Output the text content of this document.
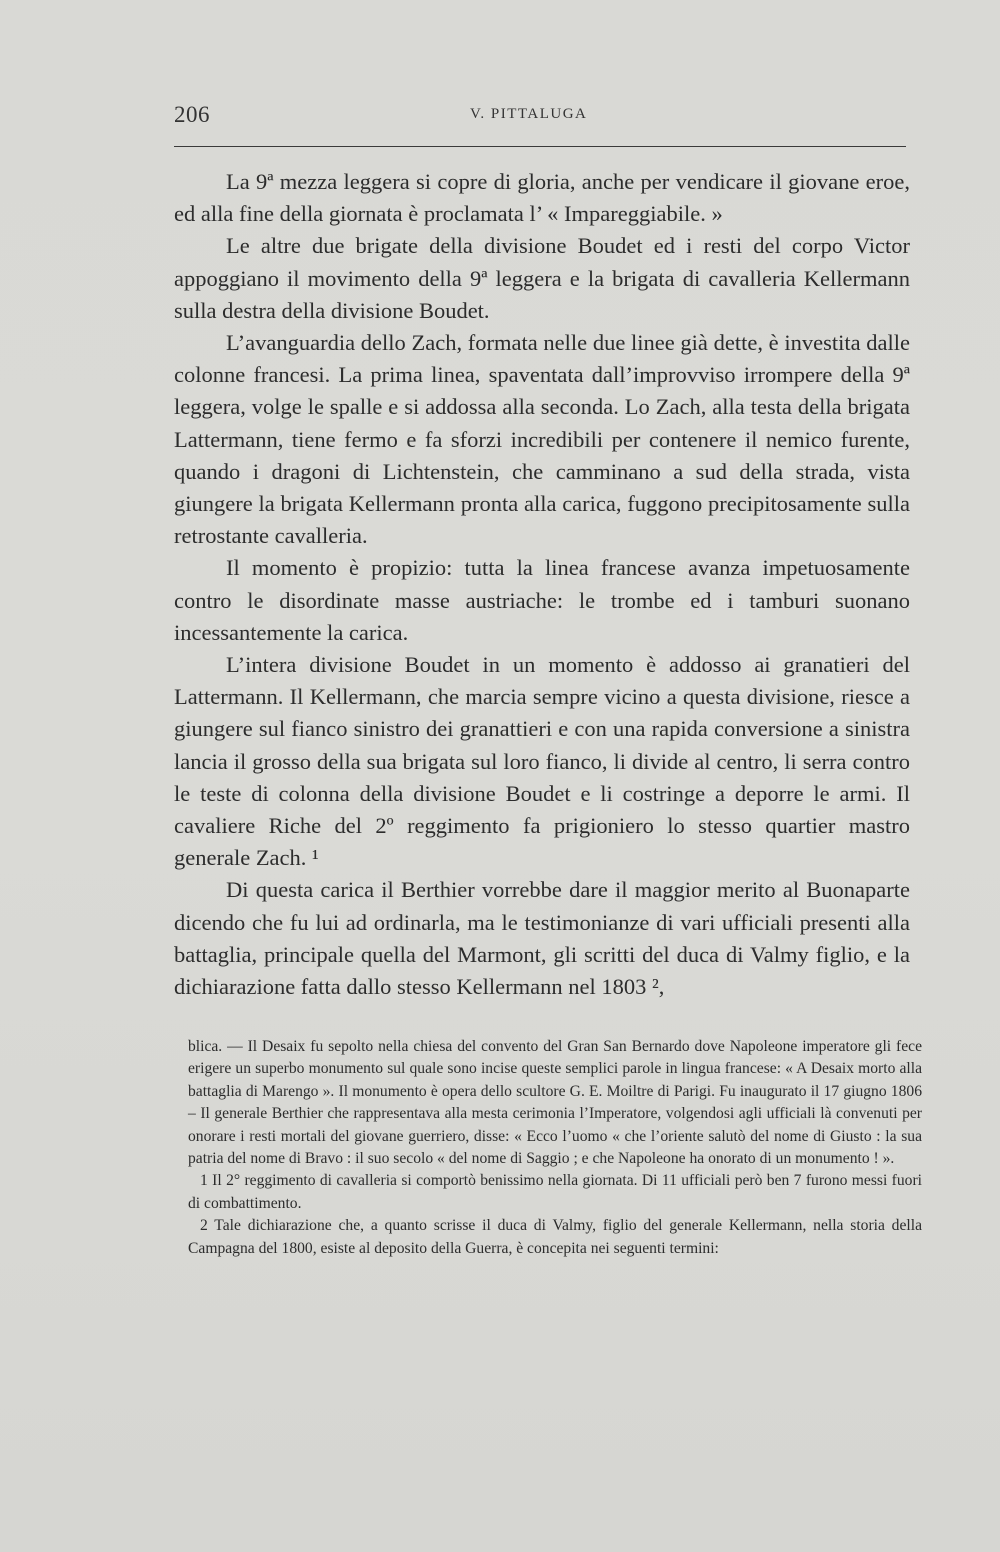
206	V. PITTALUGA

La 9ª mezza leggera si copre di gloria, anche per vendicare il giovane eroe, ed alla fine della giornata è proclamata l’ « Impareggiabile. »

Le altre due brigate della divisione Boudet ed i resti del corpo Victor appoggiano il movimento della 9ª leggera e la brigata di cavalleria Kellermann sulla destra della divisione Boudet.

L’avanguardia dello Zach, formata nelle due linee già dette, è investita dalle colonne francesi. La prima linea, spaventata dall’improvviso irrompere della 9ª leggera, volge le spalle e si addossa alla seconda. Lo Zach, alla testa della brigata Lattermann, tiene fermo e fa sforzi incredibili per contenere il nemico furente, quando i dragoni di Lichtenstein, che camminano a sud della strada, vista giungere la brigata Kellermann pronta alla carica, fuggono precipitosamente sulla retrostante cavalleria.

Il momento è propizio: tutta la linea francese avanza impetuosamente contro le disordinate masse austriache: le trombe ed i tamburi suonano incessantemente la carica.

L’intera divisione Boudet in un momento è addosso ai granatieri del Lattermann. Il Kellermann, che marcia sempre vicino a questa divisione, riesce a giungere sul fianco sinistro dei granattieri e con una rapida conversione a sinistra lancia il grosso della sua brigata sul loro fianco, li divide al centro, li serra contro le teste di colonna della divisione Boudet e li costringe a deporre le armi. Il cavaliere Riche del 2º reggimento fa prigioniero lo stesso quartier mastro generale Zach. ¹

Di questa carica il Berthier vorrebbe dare il maggior merito al Buonaparte dicendo che fu lui ad ordinarla, ma le testimonianze di vari ufficiali presenti alla battaglia, principale quella del Marmont, gli scritti del duca di Valmy figlio, e la dichiarazione fatta dallo stesso Kellermann nel 1803 ²,

blica. — Il Desaix fu sepolto nella chiesa del convento del Gran San Bernardo dove Napoleone imperatore gli fece erigere un superbo monumento sul quale sono incise queste semplici parole in lingua francese: « A Desaix morto alla battaglia di Marengo ». Il monumento è opera dello scultore G. E. Moiltre di Parigi. Fu inaugurato il 17 giugno 1806 – Il generale Berthier che rappresentava alla mesta cerimonia l’Imperatore, volgendosi agli ufficiali là convenuti per onorare i resti mortali del giovane guerriero, disse: « Ecco l’uomo « che l’oriente salutò del nome di Giusto : la sua patria del nome di Bravo : il suo secolo « del nome di Saggio ; e che Napoleone ha onorato di un monumento ! ».

1 Il 2° reggimento di cavalleria si comportò benissimo nella giornata. Di 11 ufficiali però ben 7 furono messi fuori di combattimento.

2 Tale dichiarazione che, a quanto scrisse il duca di Valmy, figlio del generale Kellermann, nella storia della Campagna del 1800, esiste al deposito della Guerra, è concepita nei seguenti termini:
